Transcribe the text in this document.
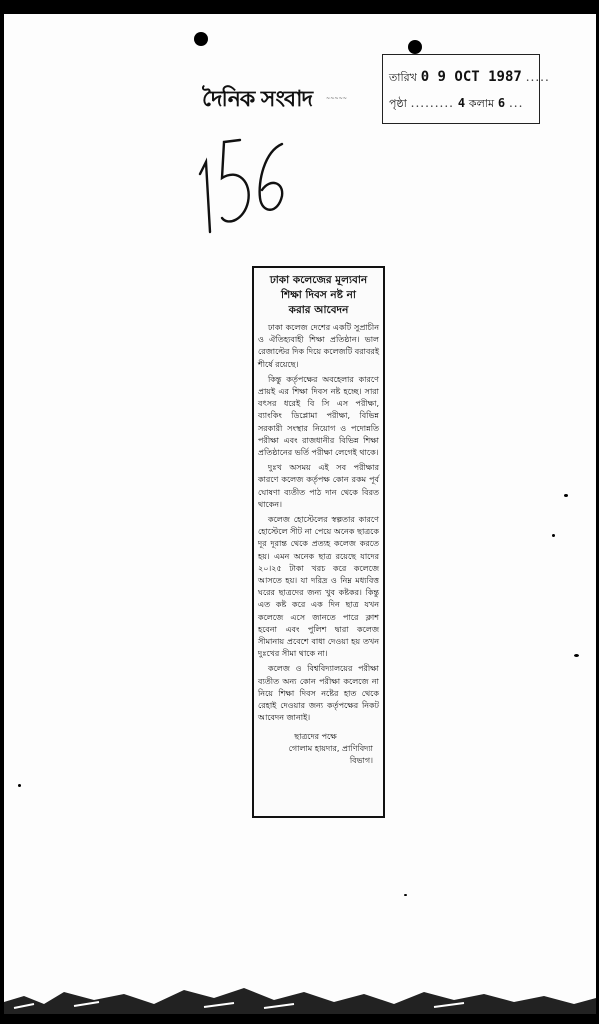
দৈনিক সংবাদ	~~~~~
তারিখ 0 9 OCT 1987 .....
পৃষ্ঠা ......... 4 কলাম 6 ...
ঢাকা কলেজের মূল্যবান
শিক্ষা দিবস নষ্ট না
করার আবেদন

ঢাকা কলেজ দেশের একটি সুপ্রাচীন ও ঐতিহ্যবাহী শিক্ষা প্রতিষ্ঠান। ভাল রেজাল্টের দিক দিয়ে কলেজটি বরাবরই শীর্ষে রয়েছে।

কিন্তু কর্তৃপক্ষের অবহেলার কারণে প্রায়ই এর শিক্ষা দিবস নষ্ট হচ্ছে। সারা বৎসর ধরেই বি সি এস পরীক্ষা, ব্যাংকিং ডিপ্লোমা পরীক্ষা, বিভিন্ন সরকারী সংস্থার নিয়োগ ও পদোন্নতি পরীক্ষা এবং রাজধানীর বিভিন্ন শিক্ষা প্রতিষ্ঠানের ভর্তি পরীক্ষা লেগেই থাকে।

দুঃখ অসময় এই সব পরীক্ষার কারণে কলেজ কর্তৃপক্ষ কোন রকম পূর্ব ঘোষণা ব্যতীত পাঠ দান থেকে বিরত থাকেন।

কলেজ হোস্টেলের স্বল্পতার কারণে হোস্টেলে সীট না পেয়ে অনেক ছাত্রকে দূর দূরান্ত থেকে প্রত্যহ কলেজ করতে হয়। এমন অনেক ছাত্র রয়েছে যাদের ২০।২৫ টাকা খরচ করে কলেজে আসতে হয়। যা দরিদ্র ও নিম্ন মধ্যবিত্ত ঘরের ছাত্রদের জন্য খুব কষ্টকর। কিন্তু এত কষ্ট করে এক দিন ছাত্র যখন কলেজে এসে জানতে পারে ক্লাশ হবেনা এবং পুলিশ দ্বারা কলেজ সীমানায় প্রবেশে বাধা দেওয়া হয় তখন দুঃখের সীমা থাকে না।

কলেজ ও বিশ্ববিদ্যালয়ের পরীক্ষা ব্যতীত অন্য কোন পরীক্ষা কলেজে না নিয়ে শিক্ষা দিবস নষ্টের হাত থেকে রেহাই দেওয়ার জন্য কর্তৃপক্ষের নিকট আবেদন জানাই।

ছাত্রদের পক্ষে
গোলাম হায়দার, প্রাণিবিদ্যা
বিভাগ।
